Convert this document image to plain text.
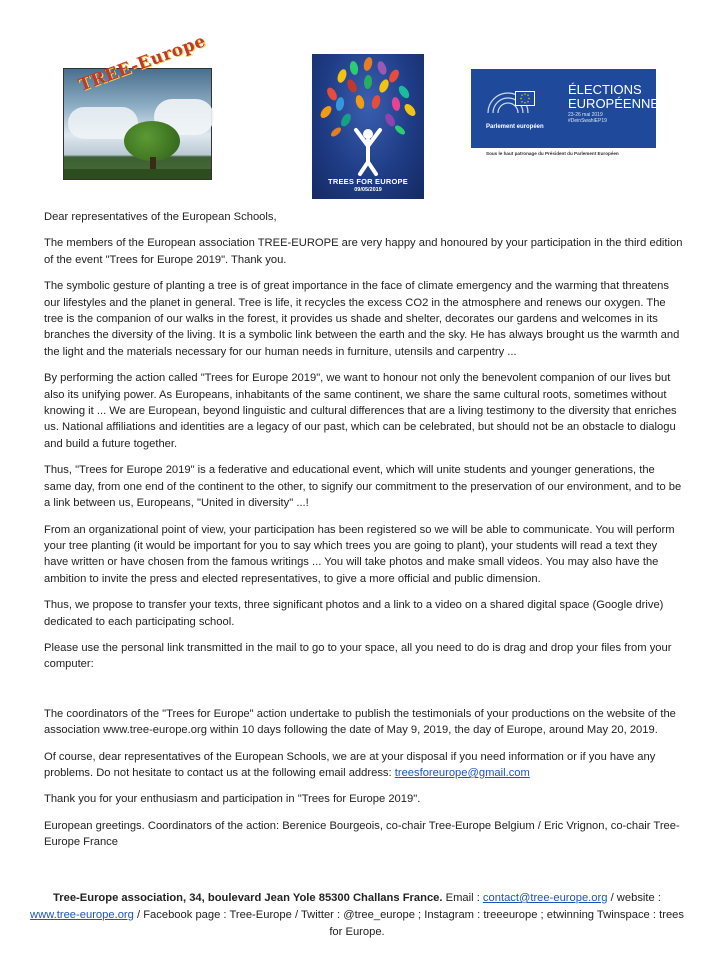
TREE-Europe
TREES FOR EUROPE
09/05/2019
ÉLECTIONS
EUROPÉENNES
23-26 mai 2019
#DeinSwahlEP19
Parlement européen
Sous le haut patronage du Président du Parlement Européen

Dear representatives of the European Schools,

The members of the European association TREE-EUROPE are very happy and honoured by your participation in the third edition of the event "Trees for Europe 2019". Thank you.

The symbolic gesture of planting a tree is of great importance in the face of climate emergency and the warming that threatens our lifestyles and the planet in general. Tree is life, it recycles the excess CO2 in the atmosphere and renews our oxygen. The tree is the companion of our walks in the forest, it provides us shade and shelter, decorates our gardens and welcomes in its branches the diversity of the living. It is a symbolic link between the earth and the sky. He has always brought us the warmth and the light and the materials necessary for our human needs in furniture, utensils and carpentry ...

By performing the action called "Trees for Europe 2019", we want to honour not only the benevolent companion of our lives but also its unifying power. As Europeans, inhabitants of the same continent, we share the same cultural roots, sometimes without knowing it ... We are European, beyond linguistic and cultural differences that are a living testimony to the diversity that enriches us. National affiliations and identities are a legacy of our past, which can be celebrated, but should not be an obstacle to dialogu and build a future together.

Thus, "Trees for Europe 2019" is a federative and educational event, which will unite students and younger generations, the same day, from one end of the continent to the other, to signify our commitment to the preservation of our environment, and to be a link between us, Europeans, "United in diversity" ...!

From an organizational point of view, your participation has been registered so we will be able to communicate. You will perform your tree planting (it would be important for you to say which trees you are going to plant), your students will read a text they have written or have chosen from the famous writings ... You will take photos and make small videos. You may also have the ambition to invite the press and elected representatives, to give a more official and public dimension.

Thus, we propose to transfer your texts, three significant photos and a link to a video on a shared digital space (Google drive) dedicated to each participating school.

Please use the personal link transmitted in the mail to go to your space, all you need to do is drag and drop your files from your computer:

The coordinators of the "Trees for Europe" action undertake to publish the testimonials of your productions on the website of the association www.tree-europe.org within 10 days following the date of May 9, 2019, the day of Europe, around May 20, 2019.

Of course, dear representatives of the European Schools, we are at your disposal if you need information or if you have any problems. Do not hesitate to contact us at the following email address: treesforeurope@gmail.com

Thank you for your enthusiasm and participation in "Trees for Europe 2019".

European greetings. Coordinators of the action: Berenice Bourgeois, co-chair Tree-Europe Belgium / Eric Vrignon, co-chair Tree-Europe France

Tree-Europe association, 34, boulevard Jean Yole 85300 Challans France. Email : contact@tree-europe.org / website : www.tree-europe.org / Facebook page : Tree-Europe / Twitter : @tree_europe ; Instagram : treeeurope ; etwinning Twinspace : trees for Europe.
